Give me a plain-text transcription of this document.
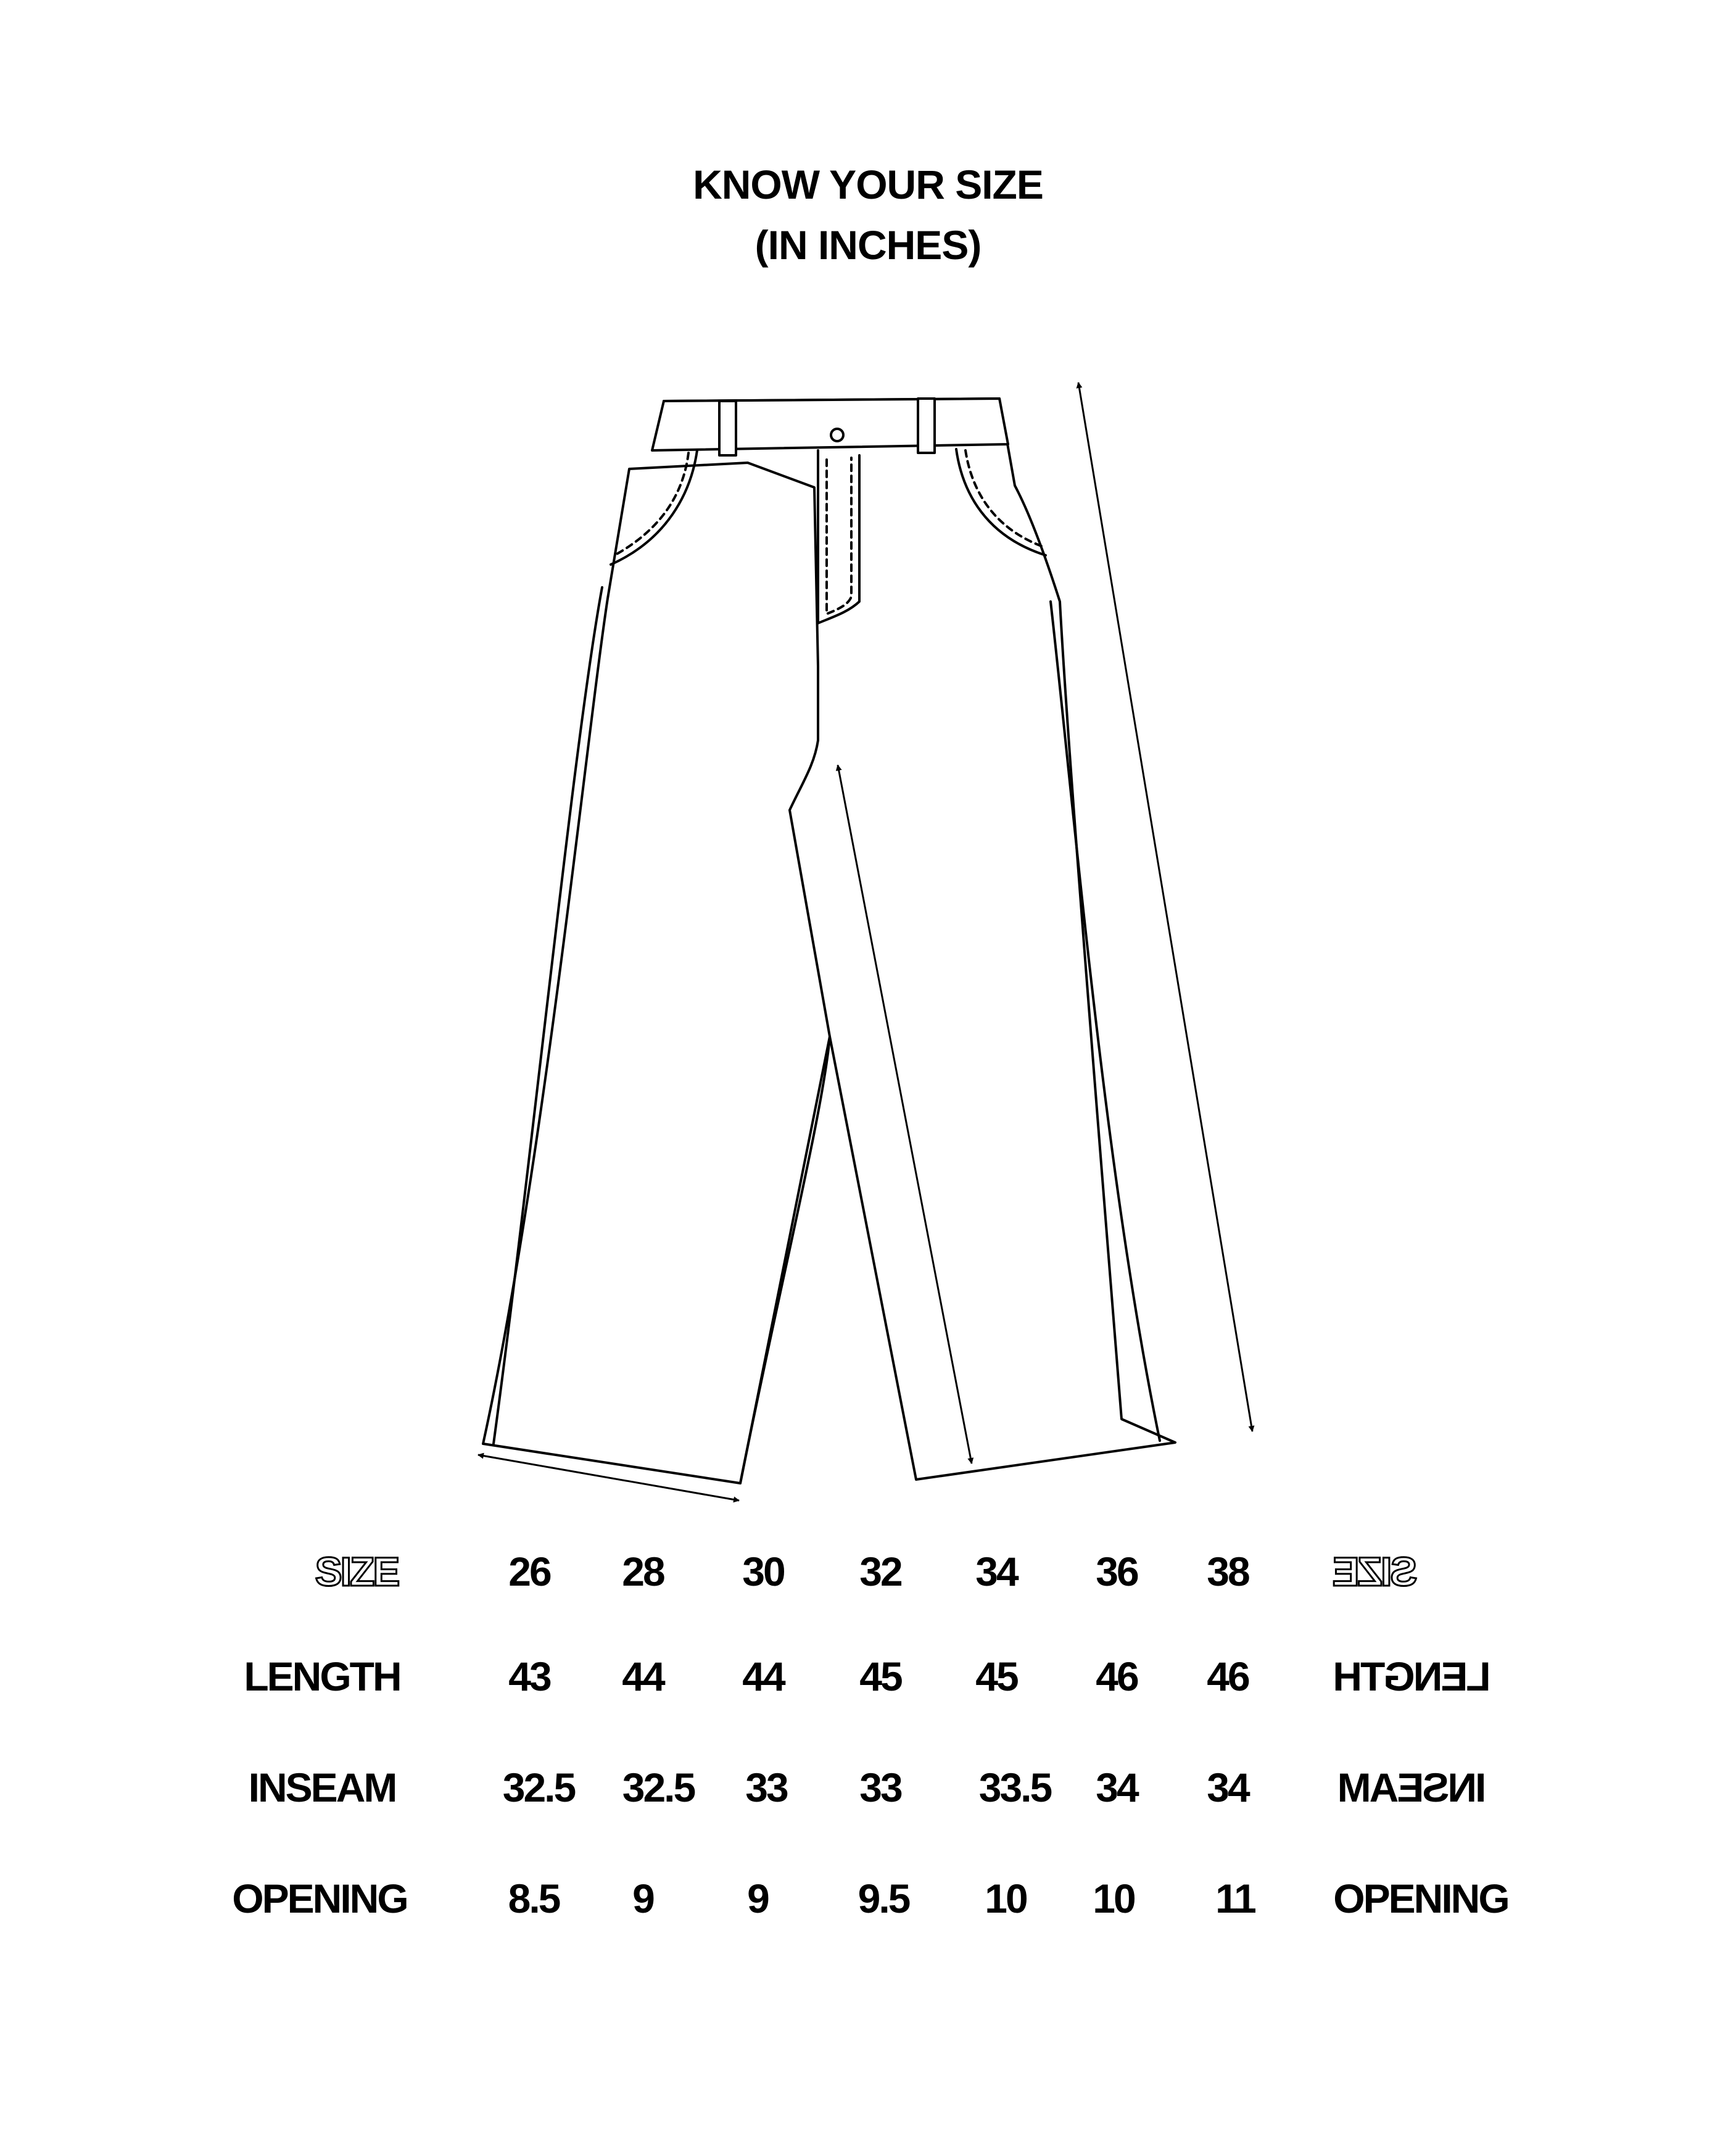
KNOW YOUR SIZE
(IN INCHES)
SIZE	26 28 30 32 34 36 38 SIZE
LENGTH	43 44 44 45 45 46 46 LENGTH
INSEAM	32.5 32.5 33 33 33.5 34 34 INSEAM
OPENING 8.5 9 9 9.5 10 10 11 OPENING
